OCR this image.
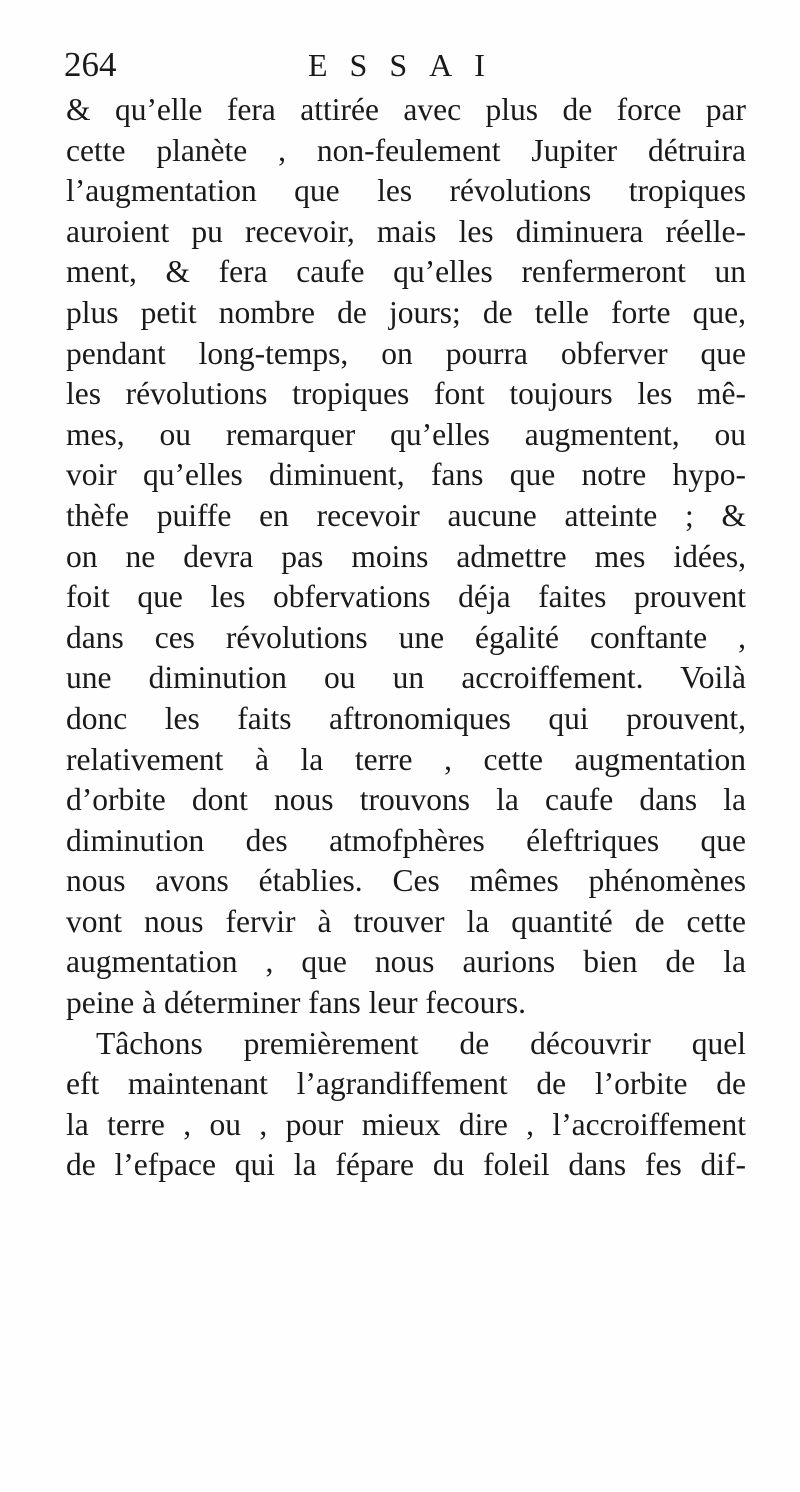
264	ESSAI
& qu’elle fera attirée avec plus de force par
cette planète , non-feulement Jupiter détruira
l’augmentation que les révolutions tropiques
auroient pu recevoir, mais les diminuera réelle-
ment, & fera caufe qu’elles renfermeront un
plus petit nombre de jours; de telle forte que,
pendant long-temps, on pourra obferver que
les révolutions tropiques font toujours les mê-
mes, ou remarquer qu’elles augmentent, ou
voir qu’elles diminuent, fans que notre hypo-
thèfe puiffe en recevoir aucune atteinte ; &
on ne devra pas moins admettre mes idées,
foit que les obfervations déja faites prouvent
dans ces révolutions une égalité conftante ,
une diminution ou un accroiffement. Voilà
donc les faits aftronomiques qui prouvent,
relativement à la terre , cette augmentation
d’orbite dont nous trouvons la caufe dans la
diminution des atmofphères éleftriques que
nous avons établies. Ces mêmes phénomènes
vont nous fervir à trouver la quantité de cette
augmentation , que nous aurions bien de la
peine à déterminer fans leur fecours.
Tâchons premièrement de découvrir quel
eft maintenant l’agrandiffement de l’orbite de
la terre , ou , pour mieux dire , l’accroiffement
de l’efpace qui la fépare du foleil dans fes dif-
